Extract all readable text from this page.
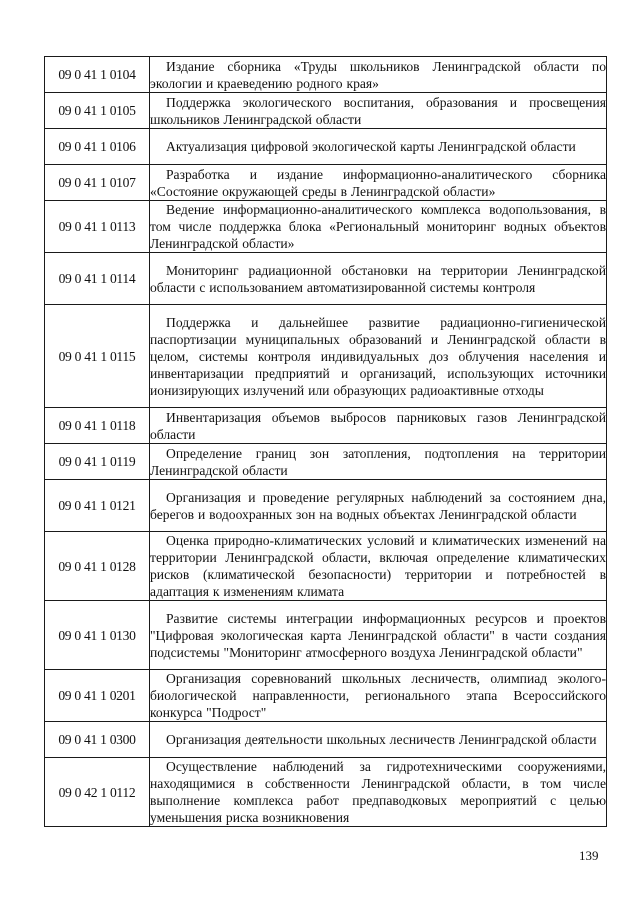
09 0 41 1 0104	Издание сборника «Труды школьников Ленинградской области по экологии и краеведению родного края»
09 0 41 1 0105	Поддержка экологического воспитания, образования и просвещения школьников Ленинградской области
09 0 41 1 0106	Актуализация цифровой экологической карты Ленинградской области
09 0 41 1 0107	Разработка и издание информационно-аналитического сборника «Состояние окружающей среды в Ленинградской области»
09 0 41 1 0113	Ведение информационно-аналитического комплекса водопользования, в том числе поддержка блока «Региональный мониторинг водных объектов Ленинградской области»
09 0 41 1 0114	Мониторинг радиационной обстановки на территории Ленинградской области с использованием автоматизированной системы контроля
09 0 41 1 0115	Поддержка и дальнейшее развитие радиационно-гигиенической паспортизации муниципальных образований и Ленинградской области в целом, системы контроля индивидуальных доз облучения населения и инвентаризации предприятий и организаций, использующих источники ионизирующих излучений или образующих радиоактивные отходы
09 0 41 1 0118	Инвентаризация объемов выбросов парниковых газов Ленинградской области
09 0 41 1 0119	Определение границ зон затопления, подтопления на территории Ленинградской области
09 0 41 1 0121	Организация и проведение регулярных наблюдений за состоянием дна, берегов и водоохранных зон на водных объектах Ленинградской области
09 0 41 1 0128	Оценка природно-климатических условий и климатических изменений на территории Ленинградской области, включая определение климатических рисков (климатической безопасности) территории и потребностей в адаптация к изменениям климата
09 0 41 1 0130	Развитие системы интеграции информационных ресурсов и проектов "Цифровая экологическая карта Ленинградской области" в части создания подсистемы "Мониторинг атмосферного воздуха Ленинградской области"
09 0 41 1 0201	Организация соревнований школьных лесничеств, олимпиад эколого-биологической направленности, регионального этапа Всероссийского конкурса "Подрост"
09 0 41 1 0300	Организация деятельности школьных лесничеств Ленинградской области
09 0 42 1 0112	Осуществление наблюдений за гидротехническими сооружениями, находящимися в собственности Ленинградской области, в том числе выполнение комплекса работ предпаводковых мероприятий с целью уменьшения риска возникновения
139
